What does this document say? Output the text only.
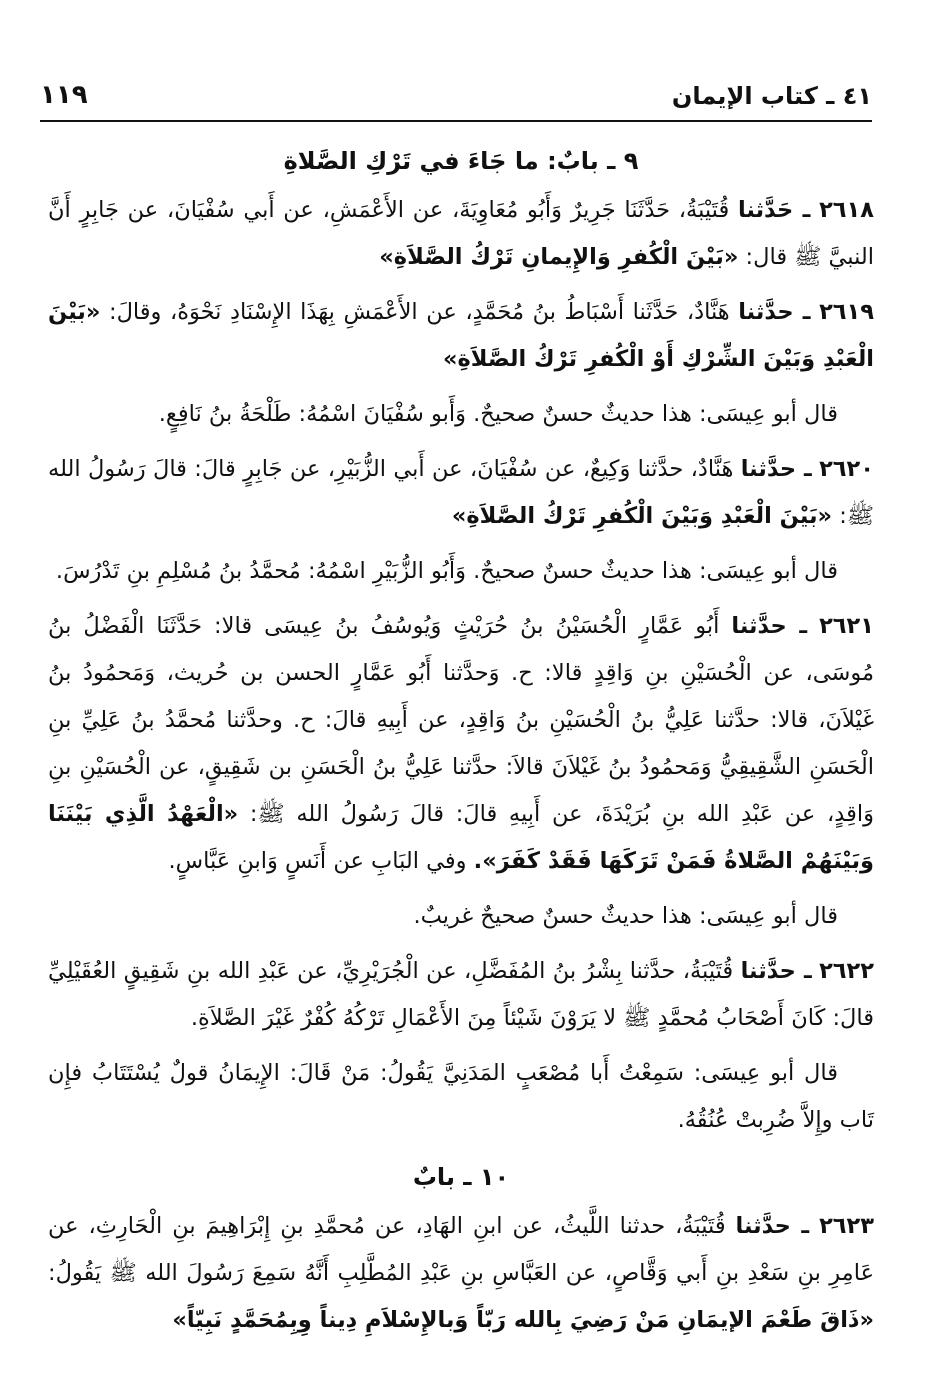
٤١ ـ كتاب الإيمان
١١٩
٩ ـ بابٌ: ما جَاءَ في تَرْكِ الصَّلاةِ
٢٦١٨ ـ حَدَّثنا قُتَيْبَةُ، حَدَّثَنَا جَرِيرٌ وَأَبُو مُعَاوِيَةَ، عن الأَعْمَشِ، عن أَبي سُفْيَانَ، عن جَابِرٍ أَنَّ النبيَّ ﷺ قال: «بَيْنَ الْكُفرِ وَالإِيمانِ تَرْكُ الصَّلاَةِ»
٢٦١٩ ـ حدَّثنا هَنَّادٌ، حَدَّثَنا أَسْبَاطُ بنُ مُحَمَّدٍ، عن الأَعْمَشِ بِهَذَا الإِسْنَادِ نَحْوَهُ، وقالَ: «بَيْنَ الْعَبْدِ وَبَيْنَ الشِّرْكِ أَوْ الْكُفرِ تَرْكُ الصَّلاَةِ»
قال أبو عِيسَى: هذا حديثٌ حسنٌ صحيحٌ. وَأَبو سُفْيَانَ اسْمُهُ: طَلْحَةُ بنُ نَافِعٍ.
٢٦٢٠ ـ حدَّثنا هَنَّادٌ، حدَّثنا وَكِيعٌ، عن سُفْيَانَ، عن أَبي الزُّبَيْرِ، عن جَابِرٍ قالَ: قالَ رَسُولُ الله ﷺ: «بَيْنَ الْعَبْدِ وَبَيْنَ الْكُفرِ تَرْكُ الصَّلاَةِ»
قال أبو عِيسَى: هذا حديثٌ حسنٌ صحيحٌ. وَأَبُو الزُّبَيْرِ اسْمُهُ: مُحمَّدُ بنُ مُسْلِمِ بنِ تَدْرُسَ.
٢٦٢١ ـ حدَّثنا أَبُو عَمَّارٍ الْحُسَيْنُ بنُ حُرَيْثٍ وَيُوسُفُ بنُ عِيسَى قالا: حَدَّثَنَا الْفَضْلُ بنُ مُوسَى، عن الْحُسَيْنِ بنِ وَاقِدٍ قالا: ح. وَحدَّثنا أَبُو عَمَّارٍ الحسن بن حُريث، وَمَحمُودُ بنُ غَيْلاَنَ، قالا: حدَّثنا عَلِيُّ بنُ الْحُسَيْنِ بنُ وَاقِدٍ، عن أَبِيهِ قالَ: ح. وحدَّثنا مُحمَّدُ بنُ عَلِيِّ بنِ الْحَسَنِ الشَّقِيقِيُّ وَمَحمُودُ بنُ غَيْلاَنَ قالاَ: حدَّثنا عَلِيُّ بنُ الْحَسَنِ بن شَقِيقٍ، عن الْحُسَيْنِ بنِ وَاقِدٍ، عن عَبْدِ الله بنِ بُرَيْدَةَ، عن أَبِيهِ قالَ: قالَ رَسُولُ الله ﷺ: «الْعَهْدُ الَّذِي بَيْنَنَا وَبَيْنَهُمْ الصَّلاةُ فَمَنْ تَرَكَهَا فَقَدْ كَفَرَ». وفي البَابِ عن أَنَسٍ وَابنِ عَبَّاسٍ.
قال أبو عِيسَى: هذا حديثٌ حسنٌ صحيحٌ غريبٌ.
٢٦٢٢ ـ حدَّثنا قُتَيْبَةُ، حدَّثنا بِشْرُ بنُ المُفَضَّلِ، عن الْجُرَيْرِيِّ، عن عَبْدِ الله بنِ شَقِيقٍ العُقَيْلِيِّ قالَ: كَانَ أَصْحَابُ مُحمَّدٍ ﷺ لا يَرَوْنَ شَيْئاً مِنَ الأَعْمَالِ تَرْكُهُ كُفْرٌ غَيْرَ الصَّلاَةِ.
قال أبو عِيسَى: سَمِعْتُ أَبا مُصْعَبٍ المَدَنِيَّ يَقُولُ: مَنْ قَالَ: الإِيمَانُ قولٌ يُسْتَتَابُ فإِن تَاب وإِلاَّ ضُرِبتْ عُنُقُهُ.
١٠ ـ بابٌ
٢٦٢٣ ـ حدَّثنا قُتَيْبَةُ، حدثنا اللَّيثُ، عن ابنِ الهَادِ، عن مُحمَّدِ بنِ إِبْرَاهِيمَ بنِ الْحَارِثِ، عن عَامِرِ بنِ سَعْدِ بنِ أَبي وَقَّاصٍ، عن العَبَّاسِ بنِ عَبْدِ المُطَّلِبِ أَنَّهُ سَمِعَ رَسُولَ الله ﷺ يَقُولُ: «ذَاقَ طَعْمَ الإيمَانِ مَنْ رَضِيَ بِالله رَبّاً وَبالإِسْلاَمِ دِيناً وِبِمُحَمَّدٍ نَبِيّاً»
